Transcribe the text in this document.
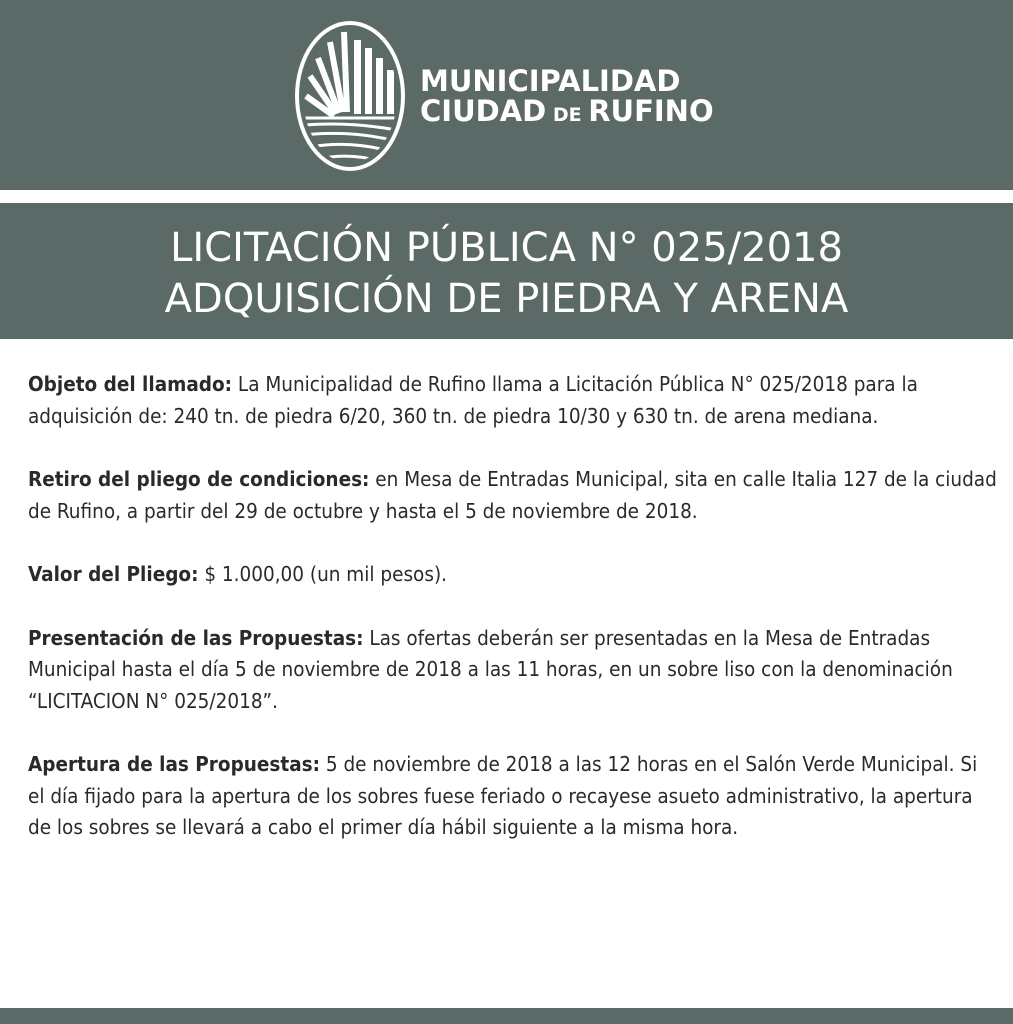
MUNICIPALIDAD
CIUDAD DE RUFINO
LICITACIÓN PÚBLICA N° 025/2018
ADQUISICIÓN DE PIEDRA Y ARENA

Objeto del llamado: La Municipalidad de Rufino llama a Licitación Pública N° 025/2018 para la adquisición de: 240 tn. de piedra 6/20, 360 tn. de piedra 10/30 y 630 tn. de arena mediana.

Retiro del pliego de condiciones: en Mesa de Entradas Municipal, sita en calle Italia 127 de la ciudad de Rufino, a partir del 29 de octubre y hasta el 5 de noviembre de 2018.

Valor del Pliego: $ 1.000,00 (un mil pesos).

Presentación de las Propuestas: Las ofertas deberán ser presentadas en la Mesa de Entradas Municipal hasta el día 5 de noviembre de 2018 a las 11 horas, en un sobre liso con la denominación “LICITACION N° 025/2018”.

Apertura de las Propuestas: 5 de noviembre de 2018 a las 12 horas en el Salón Verde Municipal. Si el día fijado para la apertura de los sobres fuese feriado o recayese asueto administrativo, la apertura de los sobres se llevará a cabo el primer día hábil siguiente a la misma hora.
